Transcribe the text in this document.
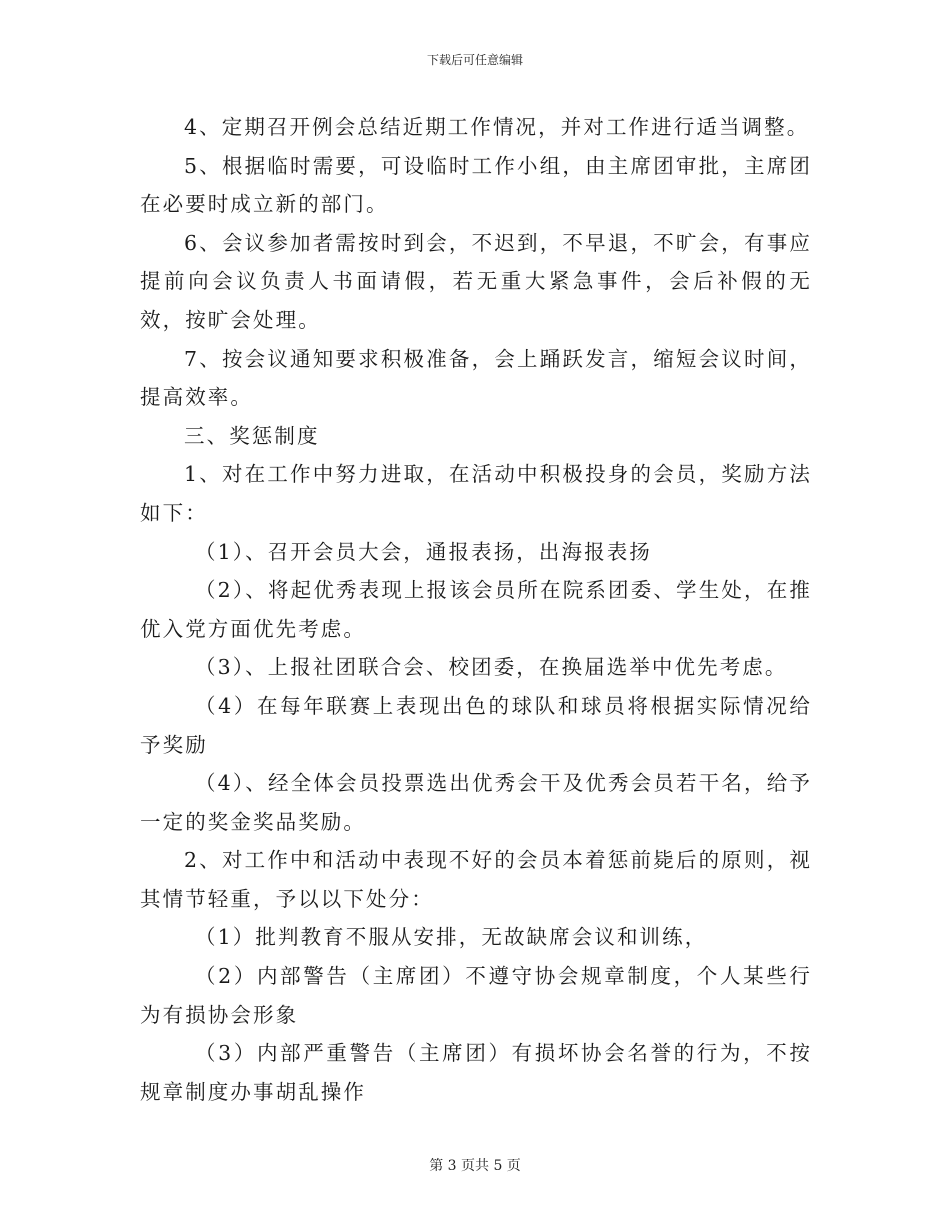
下载后可任意编辑

4、定期召开例会总结近期工作情况，并对工作进行适当调整。

5、根据临时需要，可设临时工作小组，由主席团审批，主席团在必要时成立新的部门。

6、会议参加者需按时到会，不迟到，不早退，不旷会，有事应提前向会议负责人书面请假，若无重大紧急事件，会后补假的无效，按旷会处理。

7、按会议通知要求积极准备，会上踊跃发言，缩短会议时间，提高效率。

三、奖惩制度

1、对在工作中努力进取，在活动中积极投身的会员，奖励方法如下：

（1）、召开会员大会，通报表扬，出海报表扬

（2）、将起优秀表现上报该会员所在院系团委、学生处，在推优入党方面优先考虑。

（3）、上报社团联合会、校团委，在换届选举中优先考虑。

（4）在每年联赛上表现出色的球队和球员将根据实际情况给予奖励

（4）、经全体会员投票选出优秀会干及优秀会员若干名，给予一定的奖金奖品奖励。

2、对工作中和活动中表现不好的会员本着惩前毙后的原则，视其情节轻重，予以以下处分：

（1）批判教育不服从安排，无故缺席会议和训练，

（2）内部警告（主席团）不遵守协会规章制度，个人某些行为有损协会形象

（3）内部严重警告（主席团）有损坏协会名誉的行为，不按规章制度办事胡乱操作

第 3 页共 5 页
